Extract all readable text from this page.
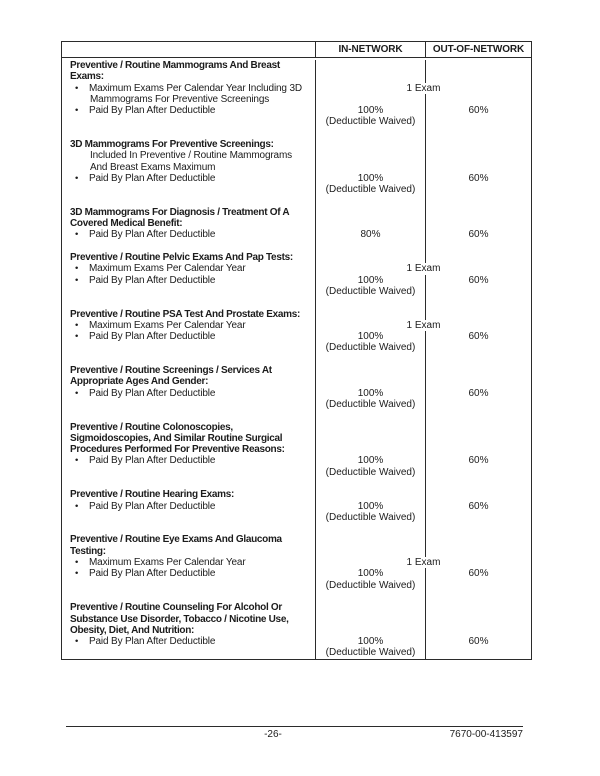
IN-NETWORK	OUT-OF-NETWORK
Preventive / Routine Mammograms And Breast
Exams:
•	Maximum Exams Per Calendar Year Including 3D	1 Exam
Mammograms For Preventive Screenings
•	Paid By Plan After Deductible	100%	60%
(Deductible Waived)
3D Mammograms For Preventive Screenings:
Included In Preventive / Routine Mammograms
And Breast Exams Maximum
•	Paid By Plan After Deductible	100%	60%
(Deductible Waived)
3D Mammograms For Diagnosis / Treatment Of A
Covered Medical Benefit:
•	Paid By Plan After Deductible	80%	60%
Preventive / Routine Pelvic Exams And Pap Tests:
•	Maximum Exams Per Calendar Year	1 Exam
•	Paid By Plan After Deductible	100%	60%
(Deductible Waived)
Preventive / Routine PSA Test And Prostate Exams:
•	Maximum Exams Per Calendar Year	1 Exam
•	Paid By Plan After Deductible	100%	60%
(Deductible Waived)
Preventive / Routine Screenings / Services At
Appropriate Ages And Gender:
•	Paid By Plan After Deductible	100%	60%
(Deductible Waived)
Preventive / Routine Colonoscopies,
Sigmoidoscopies, And Similar Routine Surgical
Procedures Performed For Preventive Reasons:
•	Paid By Plan After Deductible	100%	60%
(Deductible Waived)
Preventive / Routine Hearing Exams:
•	Paid By Plan After Deductible	100%	60%
(Deductible Waived)
Preventive / Routine Eye Exams And Glaucoma
Testing:
•	Maximum Exams Per Calendar Year	1 Exam
•	Paid By Plan After Deductible	100%	60%
(Deductible Waived)
Preventive / Routine Counseling For Alcohol Or
Substance Use Disorder, Tobacco / Nicotine Use,
Obesity, Diet, And Nutrition:
•	Paid By Plan After Deductible	100%	60%
(Deductible Waived)
-26-	7670-00-413597
